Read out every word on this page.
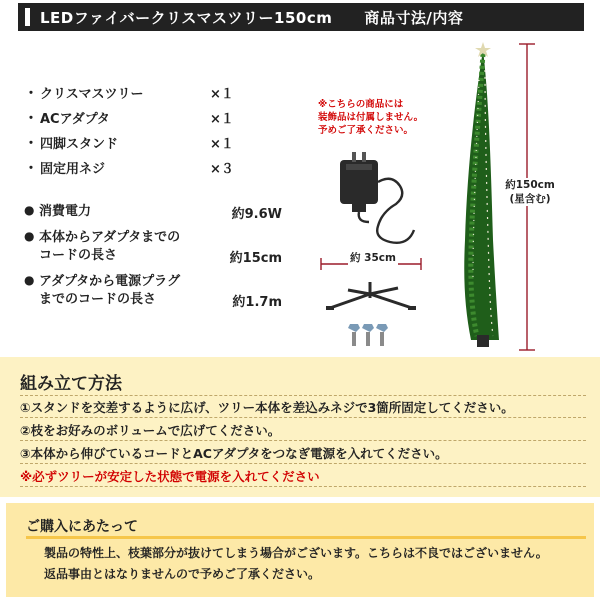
LEDファイバークリスマスツリー150cm 商品寸法/内容
・ クリスマスツリー	×１
・ ACアダプタ	×１
・ 四脚スタンド	×１
・ 固定用ネジ	×３
● 消費電力	約9.6W
● 本体からアダプタまでの
コードの長さ	約15cm
● アダプタから電源プラグ
までのコードの長さ	約1.7m
※こちらの商品には
装飾品は付属しません。
予めご了承ください。
約 35cm
約150cm
(星含む)
組み立て方法
①スタンドを交差するように広げ、ツリー本体を差込みネジで3箇所固定してください。
②枝をお好みのボリュームで広げてください。
③本体から伸びているコードとACアダプタをつなぎ電源を入れてください。
※必ずツリーが安定した状態で電源を入れてください
ご購入にあたって
製品の特性上、枝葉部分が抜けてしまう場合がございます。こちらは不良ではございません。
返品事由とはなりませんので予めご了承ください。
